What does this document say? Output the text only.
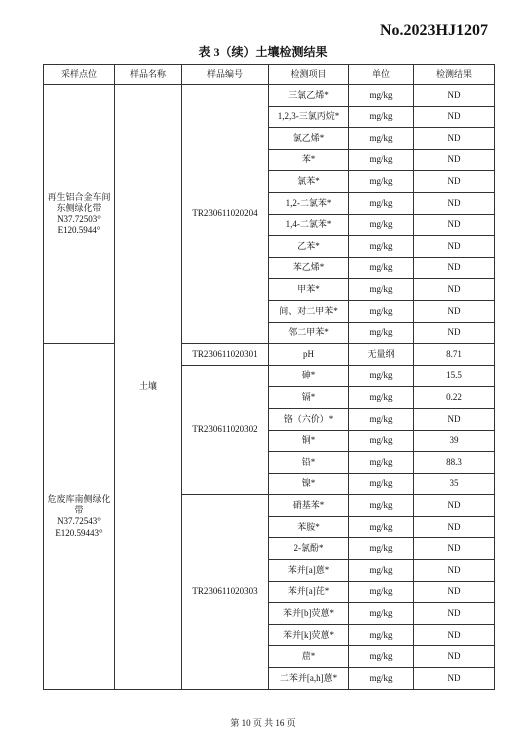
No.2023HJ1207
表 3（续）土壤检测结果
采样点位	样品名称	样品编号	检测项目	单位	检测结果

再生铝合金车间
东侧绿化带
N37.72503°
E120.5944°	土壤	TR230611020204	三氯乙烯*	mg/kg	ND
			1,2,3-三氯丙烷*	mg/kg	ND
			氯乙烯*	mg/kg	ND
			苯*	mg/kg	ND
			氯苯*	mg/kg	ND
			1,2-二氯苯*	mg/kg	ND
			1,4-二氯苯*	mg/kg	ND
			乙苯*	mg/kg	ND
			苯乙烯*	mg/kg	ND
			甲苯*	mg/kg	ND
			间、对二甲苯*	mg/kg	ND
			邻二甲苯*	mg/kg	ND

危废库南侧绿化
带
N37.72543°
E120.59443°		TR230611020301	pH	无量纲	8.71
		TR230611020302	砷*	mg/kg	15.5
			镉*	mg/kg	0.22
			铬（六价）*	mg/kg	ND
			铜*	mg/kg	39
			铅*	mg/kg	88.3
			镍*	mg/kg	35
		TR230611020303	硝基苯*	mg/kg	ND
			苯胺*	mg/kg	ND
			2-氯酚*	mg/kg	ND
			苯并[a]蒽*	mg/kg	ND
			苯并[a]芘*	mg/kg	ND
			苯并[b]荧蒽*	mg/kg	ND
			苯并[k]荧蒽*	mg/kg	ND
			䓛*	mg/kg	ND
			二苯并[a,h]蒽*	mg/kg	ND
第 10 页 共 16 页
